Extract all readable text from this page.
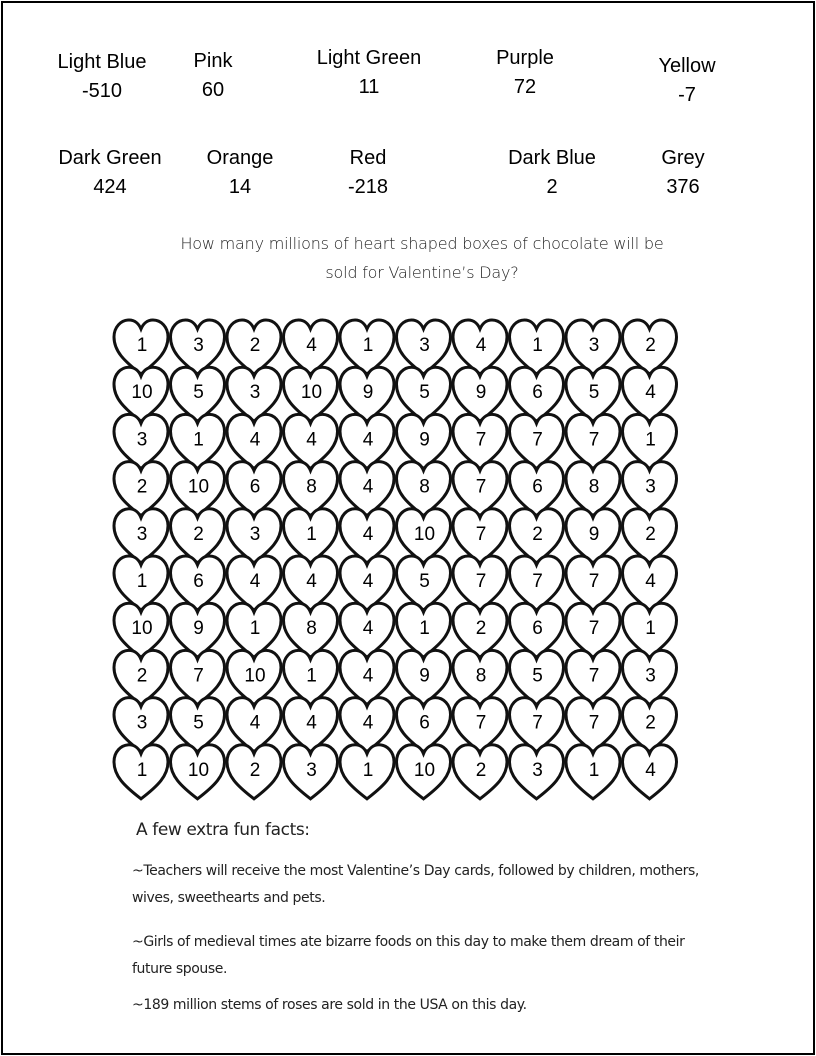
Light Blue
-510
Pink
60
Light Green
11
Purple
72
Yellow
-7
Dark Green
424
Orange
14
Red
-218
Dark Blue
2
Grey
376
How many millions of heart shaped boxes of chocolate will be
sold for Valentine’s Day?
1 3 2 4 1 3 4 1 3 2
10 5 3 10 9 5 9 6 5 4
3 1 4 4 4 9 7 7 7 1
2 10 6 8 4 8 7 6 8 3
3 2 3 1 4 10 7 2 9 2
1 6 4 4 4 5 7 7 7 4
10 9 1 8 4 1 2 6 7 1
2 7 10 1 4 9 8 5 7 3
3 5 4 4 4 6 7 7 7 2
1 10 2 3 1 10 2 3 1 4
A few extra fun facts:

~Teachers will receive the most Valentine’s Day cards, followed by children, mothers, wives, sweethearts and pets.

~Girls of medieval times ate bizarre foods on this day to make them dream of their future spouse.

~189 million stems of roses are sold in the USA on this day.
